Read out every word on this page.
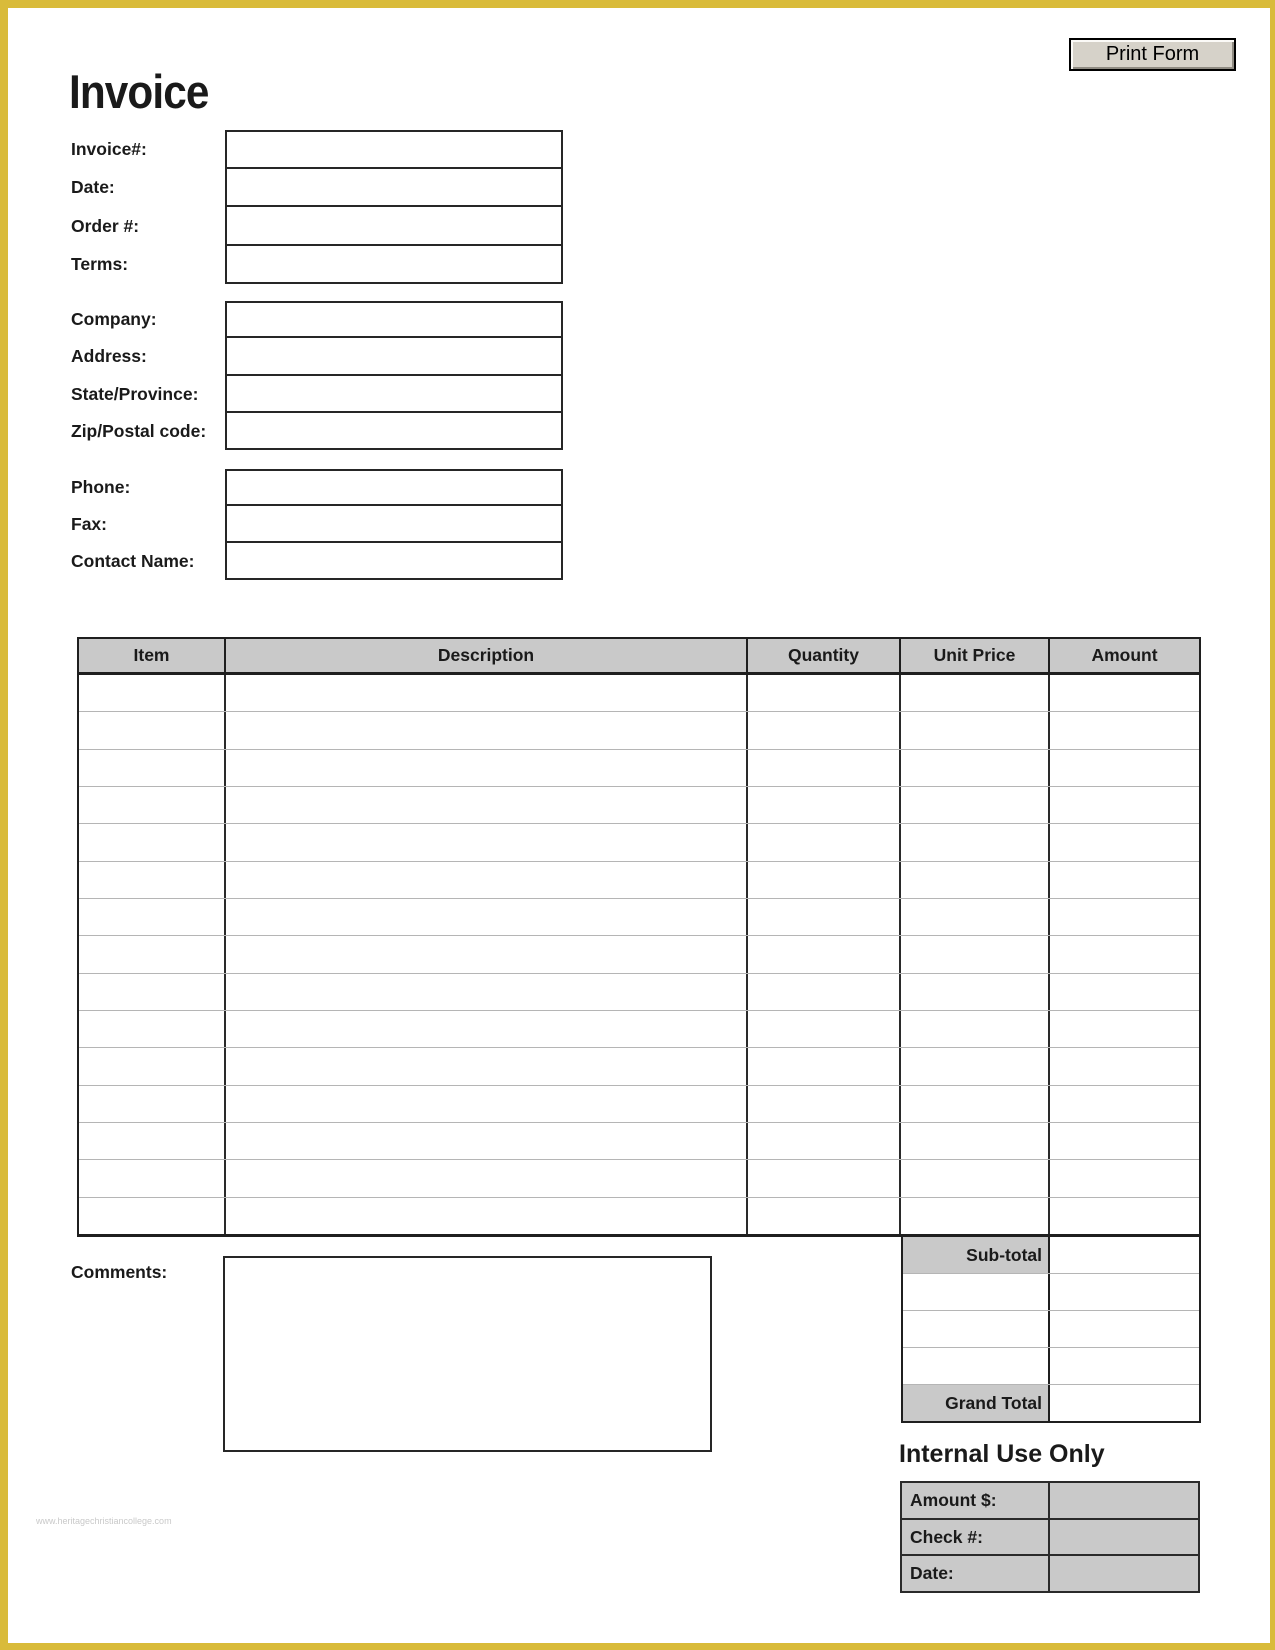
Print Form
Invoice
Invoice#:
Date:
Order #:
Terms:
Company:
Address:
State/Province:
Zip/Postal code:
Phone:
Fax:
Contact Name:
Item	Description	Quantity	Unit Price	Amount
Sub-total
Grand Total
Comments:
Internal Use Only
Amount $:
Check #:
Date:
www.heritagechristiancollege.com
